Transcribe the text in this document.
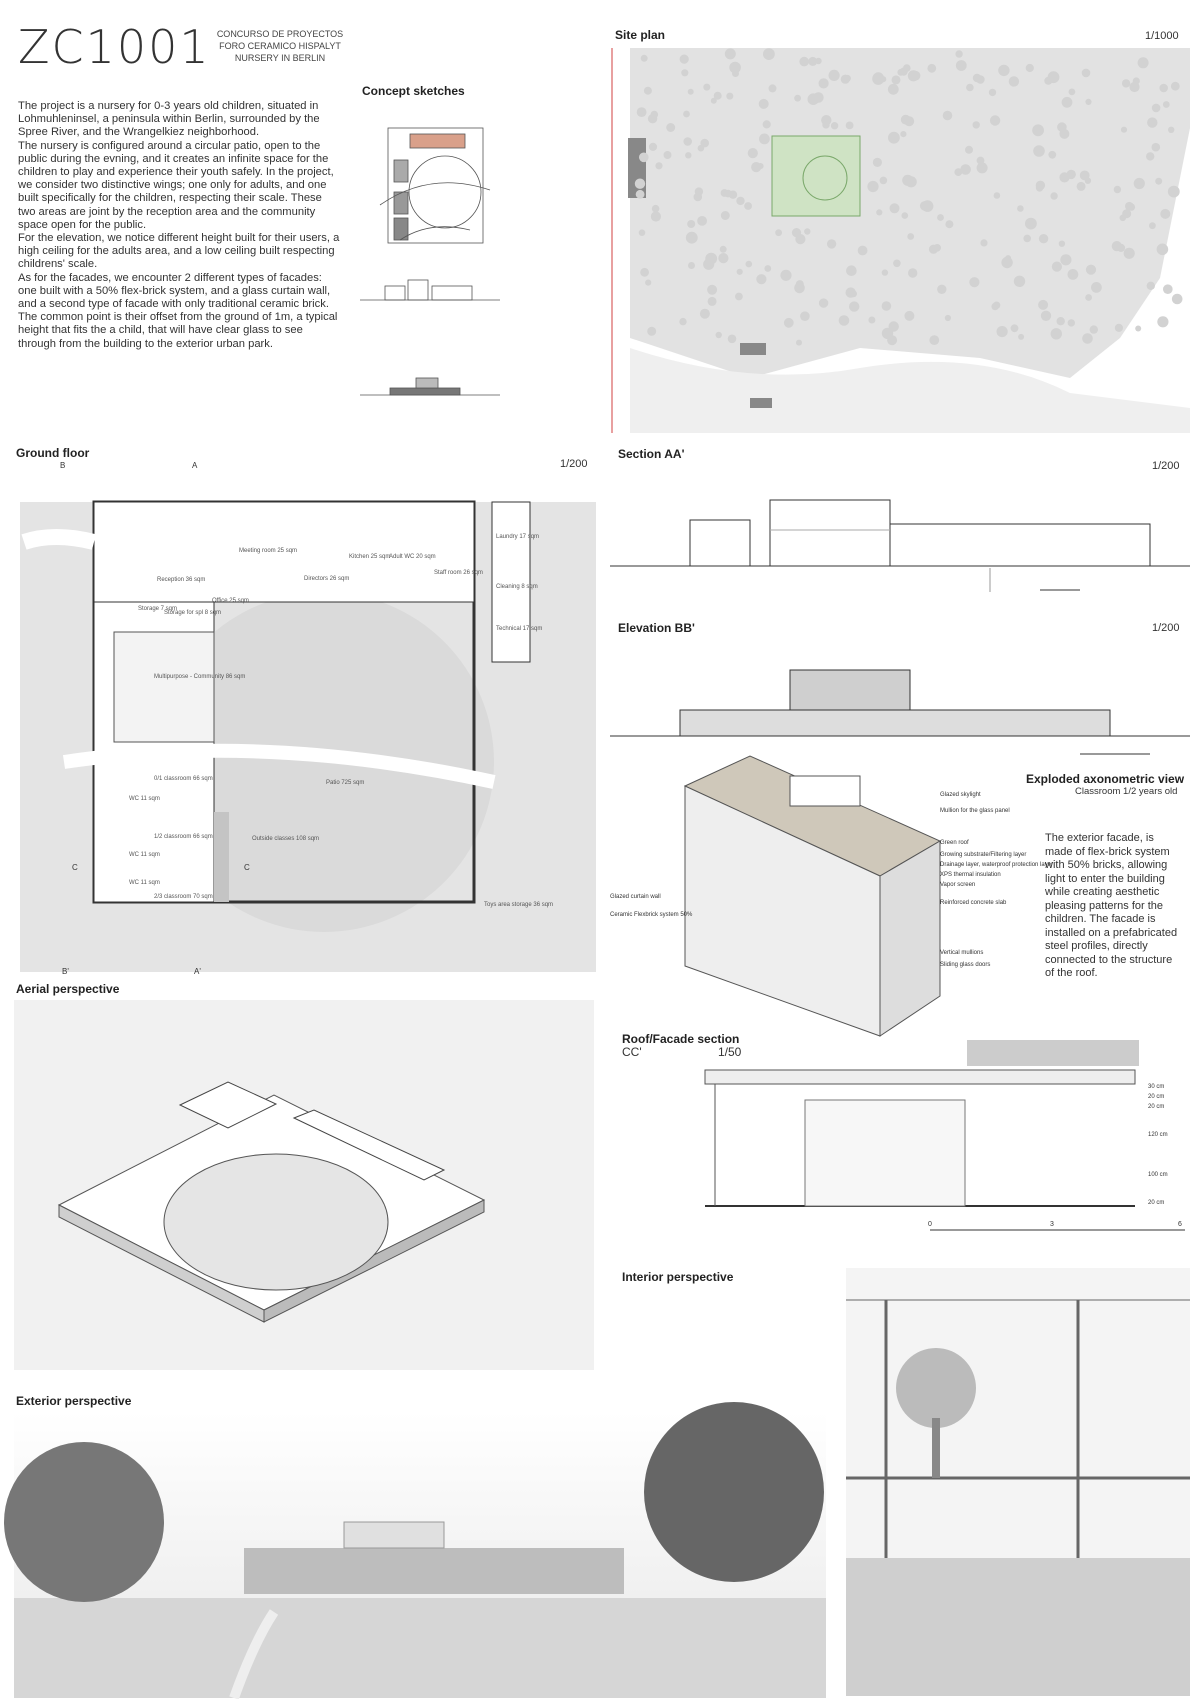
ZC1001 CONCURSO DE PROYECTOS
FORO CERAMICO HISPALYT
NURSERY IN BERLIN

The project is a nursery for 0-3 years old children, situated in Lohmuhleninsel, a peninsula within Berlin, surrounded by the Spree River, and the Wrangelkiez neighborhood.

The nursery is configured around a circular patio, open to the public during the evning, and it creates an infinite space for the children to play and experience their youth safely. In the project, we consider two distinctive wings; one only for adults, and one built specifically for the children, respecting their scale. These two areas are joint by the reception area and the community space open for the public.

For the elevation, we notice different height built for their users, a high ceiling for the adults area, and a low ceiling built respecting childrens' scale.

As for the facades, we encounter 2 different types of facades: one built with a 50% flex-brick system, and a glass curtain wall, and a second type of facade with only traditional ceramic brick. The common point is their offset from the ground of 1m, a typical height that fits the a child, that will have clear glass to see through from the building to the exterior urban park.

Concept sketches
Site plan	1/1000
Ground floor
1/200
Reception 36 sqm
Meeting room 25 sqm
Directors 26 sqm
Kitchen 25 sqm
Adult WC 20 sqm
Staff room 26 sqm
Laundry 17 sqm
Cleaning 8 sqm
Technical 17 sqm
Office 25 sqm
Storage 7 sqm
Storage for spl 8 sqm
Multipurpose - Community 86 sqm
0/1 classroom 66 sqm
WC 11 sqm
1/2 classroom 66 sqm
WC 11 sqm
WC 11 sqm
2/3 classroom 70 sqm
Patio 725 sqm
Outside classes 108 sqm
Toys area storage 36 sqm
B	A
C	C
B'	A'
Section AA'
1/200
Elevation BB'	1/200
Exploded axonometric view
Classroom 1/2 years old
Glazed skylight
Mullion for the glass panel
Green roof
Growing substrate/Filtering layer
Drainage layer, waterproof protection layer
XPS thermal insulation
Vapor screen
Reinforced concrete slab
Vertical mullions
Sliding glass doors
Glazed curtain wall
Ceramic Flexbrick system 50%
The exterior facade, is made of flex-brick system with 50% bricks, allowing light to enter the building while creating aesthetic pleasing patterns for the children. The facade is installed on a prefabricated steel profiles, directly connected to the structure of the roof.
Aerial perspective
Roof/Facade section
CC'	1/50
30 cm
20 cm
20 cm
120 cm
100 cm
20 cm
0	3	6
Interior perspective
Exterior perspective
